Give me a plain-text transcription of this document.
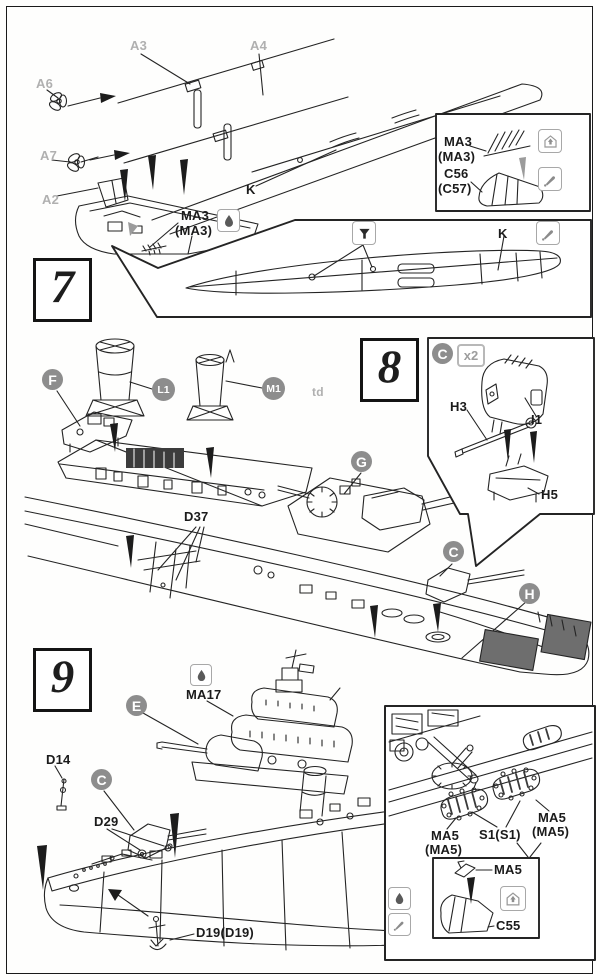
7
A6
A3	A4
A7
A2
K
MA3
(MA3)
MA3
(MA3)
C56
(C57)
K
8
F
L1	M1	td
G
D37
C
H
C	x2
H3
I1
H5
9
E
MA17
C
D14
D29
D19(D19)
MA5
(MA5)
S1(S1)
MA5
(MA5)
MA5
C55
